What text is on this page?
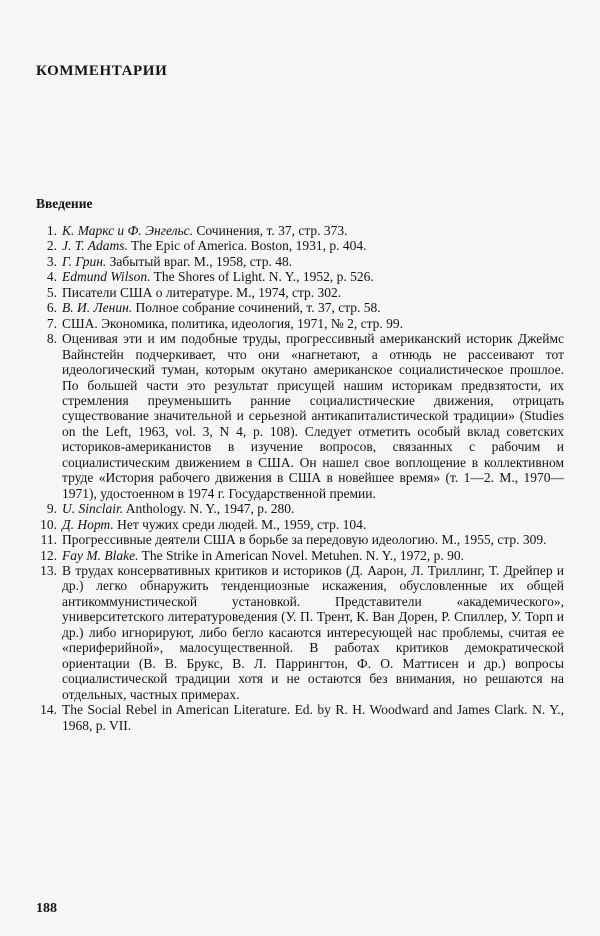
КОММЕНТАРИИ
Введение
1. К. Маркс и Ф. Энгельс. Сочинения, т. 37, стр. 373.
2. J. T. Adams. The Epic of America. Boston, 1931, p. 404.
3. Г. Грин. Забытый враг. М., 1958, стр. 48.
4. Edmund Wilson. The Shores of Light. N. Y., 1952, p. 526.
5. Писатели США о литературе. М., 1974, стр. 302.
6. В. И. Ленин. Полное собрание сочинений, т. 37, стр. 58.
7. США. Экономика, политика, идеология, 1971, № 2, стр. 99.
8. Оценивая эти и им подобные труды, прогрессивный американский историк Джеймс Вайнстейн подчеркивает, что они «нагнетают, а отнюдь не рассеивают тот идеологический туман, которым окутано американское социалистическое прошлое. По большей части это результат присущей нашим историкам предвзятости, их стремления преуменьшить ранние социалистические движения, отрицать существование значительной и серьезной антикапиталистической традиции» (Studies on the Left, 1963, vol. 3, N 4, p. 108). Следует отметить особый вклад советских историков-американистов в изучение вопросов, связанных с рабочим и социалистическим движением в США. Он нашел свое воплощение в коллективном труде «История рабочего движения в США в новейшее время» (т. 1—2. М., 1970—1971), удостоенном в 1974 г. Государственной премии.
9. U. Sinclair. Anthology. N. Y., 1947, p. 280.
10. Д. Норт. Нет чужих среди людей. М., 1959, стр. 104.
11. Прогрессивные деятели США в борьбе за передовую идеологию. М., 1955, стр. 309.
12. Fay M. Blake. The Strike in American Novel. Metuhen. N. Y., 1972, p. 90.
13. В трудах консервативных критиков и историков (Д. Аарон, Л. Триллинг, Т. Дрейпер и др.) легко обнаружить тенденциозные искажения, обусловленные их общей антикоммунистической установкой. Представители «академического», университетского литературоведения (У. П. Трент, К. Ван Дорен, Р. Спиллер, У. Торп и др.) либо игнорируют, либо бегло касаются интересующей нас проблемы, считая ее «периферийной», малосущественной. В работах критиков демократической ориентации (В. В. Брукс, В. Л. Паррингтон, Ф. О. Маттисен и др.) вопросы социалистической традиции хотя и не остаются без внимания, но решаются на отдельных, частных примерах.
14. The Social Rebel in American Literature. Ed. by R. H. Woodward and James Clark. N. Y., 1968, p. VII.
188
